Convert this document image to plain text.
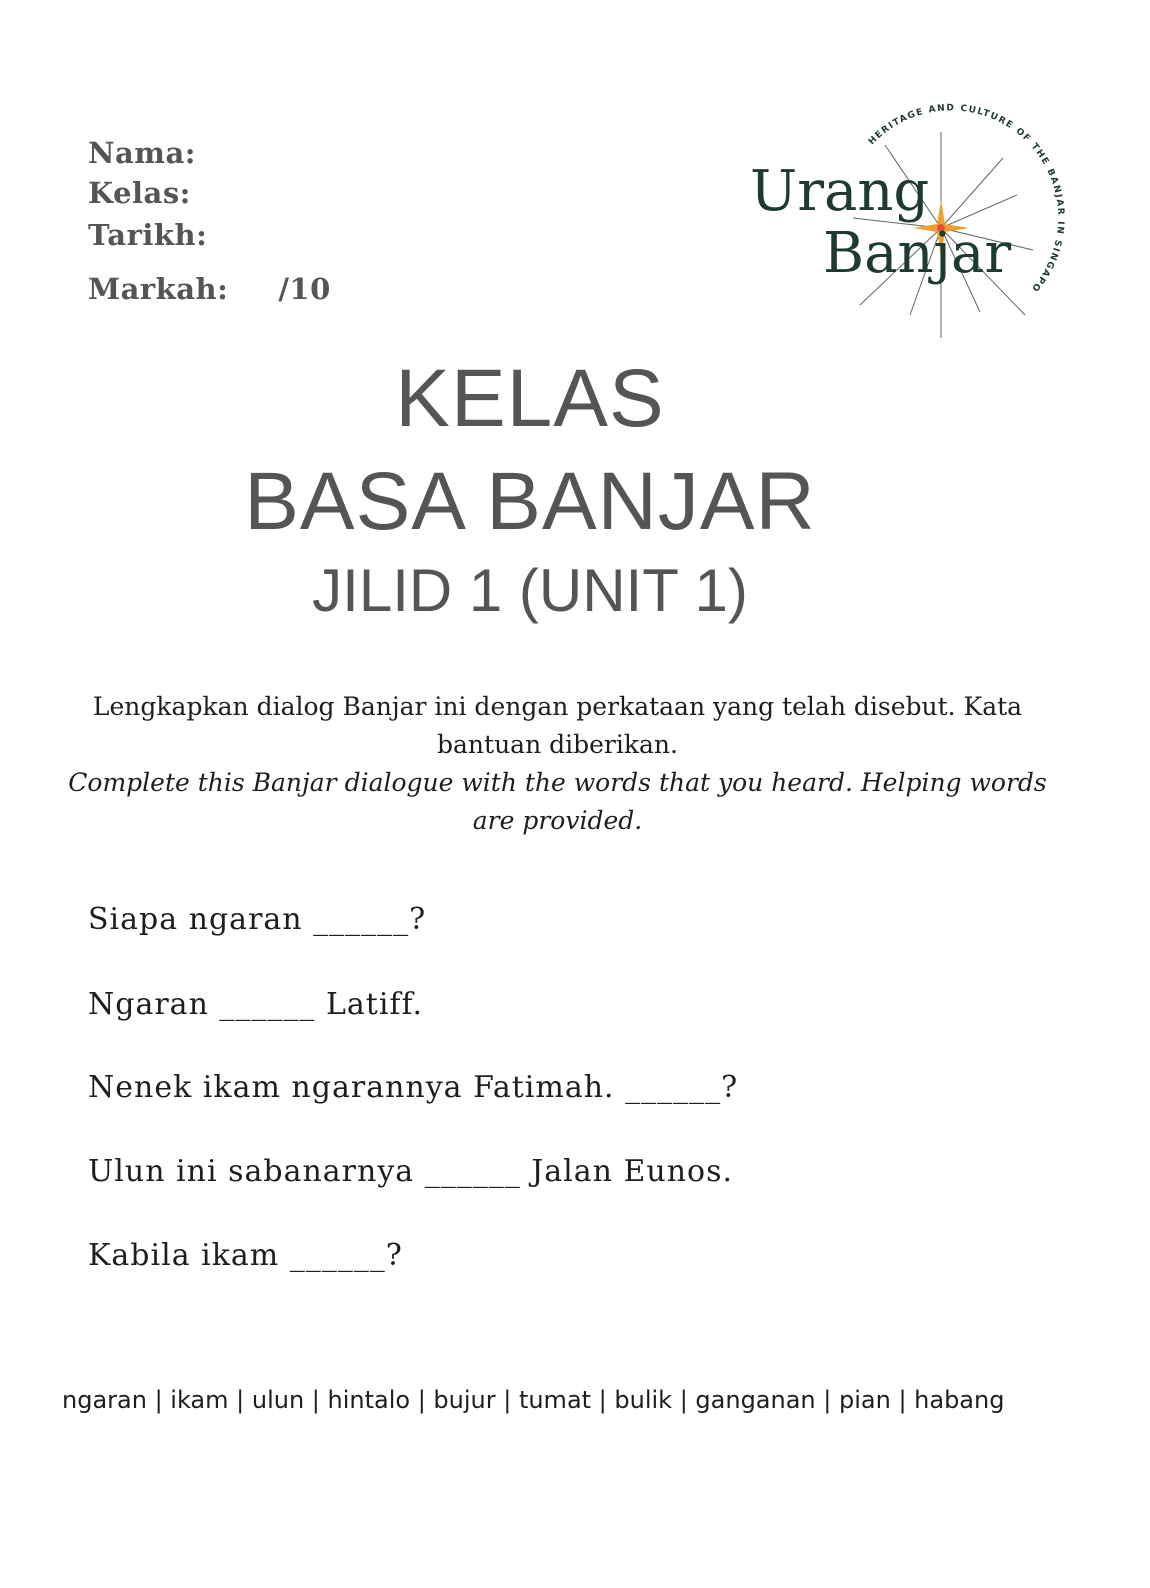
Nama:
Kelas:
Tarikh:
Markah: /10
HERITAGE AND CULTURE OF THE BANJAR IN SINGAPO
Urang
Banjar
KELAS
BASA BANJAR
JILID 1 (UNIT 1)
Lengkapkan dialog Banjar ini dengan perkataan yang telah disebut. Kata bantuan diberikan.
Complete this Banjar dialogue with the words that you heard. Helping words are provided.
Siapa ngaran ______?
Ngaran ______ Latiff.
Nenek ikam ngarannya Fatimah. ______?
Ulun ini sabanarnya ______ Jalan Eunos.
Kabila ikam ______?
ngaran | ikam | ulun | hintalo | bujur | tumat | bulik | ganganan | pian | habang
